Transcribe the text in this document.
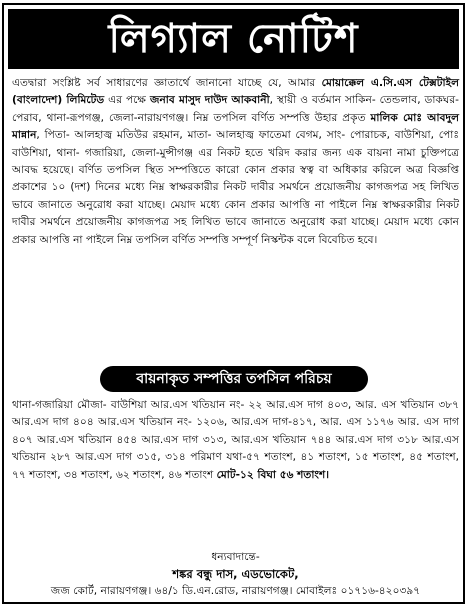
লিগ্যাল নোটিশ
এতদ্বারা সংশ্লিষ্ট সর্ব সাধারণের জ্ঞাতার্থে জানানো যাচ্ছে যে, আমার মোয়াক্কেল এ.সি.এস টেক্সটাইল (বাংলাদেশ) লিমিটেড এর পক্ষে জনাব মাসুদ দাউদ আকবানী, স্থায়ী ও বর্তমান সাকিন- তেন্ডলাব, ডাকঘর-পেরাব, থানা-রূপগঞ্জ, জেলা-নারায়ণগঞ্জ। নিম্ন তপসিল বর্ণিত সম্পত্তি উহার প্রকৃত মালিক মোঃ আবদুল মান্নান, পিতা- আলহাজ্ব মতিউর রহমান, মাতা- আলহাজ্ব ফাতেমা বেগম, সাং- পোরাচক, বাউশিয়া, পোঃ বাউশিয়া, থানা- গজারিয়া, জেলা-মুন্সীগঞ্জ এর নিকট হতে খরিদ করার জন্য এক বায়না নামা চুক্তিপত্রে আবদ্ধ হয়েছে। বর্ণিত তপসিল স্থিত সম্পত্তিতে কারো কোন প্রকার স্বত্ব বা অধিকার করিলে অত্র বিজ্ঞপ্তি প্রকাশের ১০ (দশ) দিনের মধ্যে নিম্ন স্বাক্ষরকারীর নিকট দাবীর সমর্থনে প্রয়োজনীয় কাগজপত্র সহ লিখিত ভাবে জানাতে অনুরোধ করা যাচ্ছে। মেয়াদ মধ্যে কোন প্রকার আপত্তি না পাইলে নিম্ন স্বাক্ষরকারীর নিকট দাবীর সমর্থনে প্রয়োজনীয় কাগজপত্র সহ লিখিত ভাবে জানাতে অনুরোধ করা যাচ্ছে। মেয়াদ মধ্যে কোন প্রকার আপত্তি না পাইলে নিম্ন তপসিল বর্ণিত সম্পত্তি সম্পূর্ণ নিস্কন্টক বলে বিবেচিত হবে।
বায়নাকৃত সম্পত্তির তপসিল পরিচয়
থানা-গজারিয়া মৌজা- বাউশিয়া আর.এস খতিয়ান নং- ২২ আর.এস দাগ ৪০৩, আর. এস খতিয়ান ৩৮৭ আর.এস দাগ ৪০৪ আর.এস খতিয়ান নং- ১২০৬, আর.এস দাগ-৪১৭, আর. এস ১১৭৬ আর. এস দাগ ৪০৭ আর.এস খতিয়ান ৪৫৪ আর.এস দাগ ৩১৩, আর.এস খতিয়ান ৭৪৪ আর.এস দাগ ৩১৮ আর.এস খতিয়ান ২৮৭ আর.এস দাগ ৩১৫, ৩১৪ পরিমাণ যথা-৫৭ শতাংশ, ৪১ শতাংশ, ১৫ শতাংশ, ৪৫ শতাংশ, ৭৭ শতাংশ, ৩৪ শতাংশ, ৬২ শতাংশ, ৪৬ শতাংশ মোট-১২ বিঘা ৫৬ শতাংশ।
ধন্যবাদান্তে-
শঙ্কর বন্ধু দাস, এডভোকেট,
জজ কোর্ট, নারায়ণগঞ্জ। ৬৪/১ ডি.এন.রোড, নারায়ণগঞ্জ। মোবাইলঃ ০১৭১৬-৪২০৩৯৭
